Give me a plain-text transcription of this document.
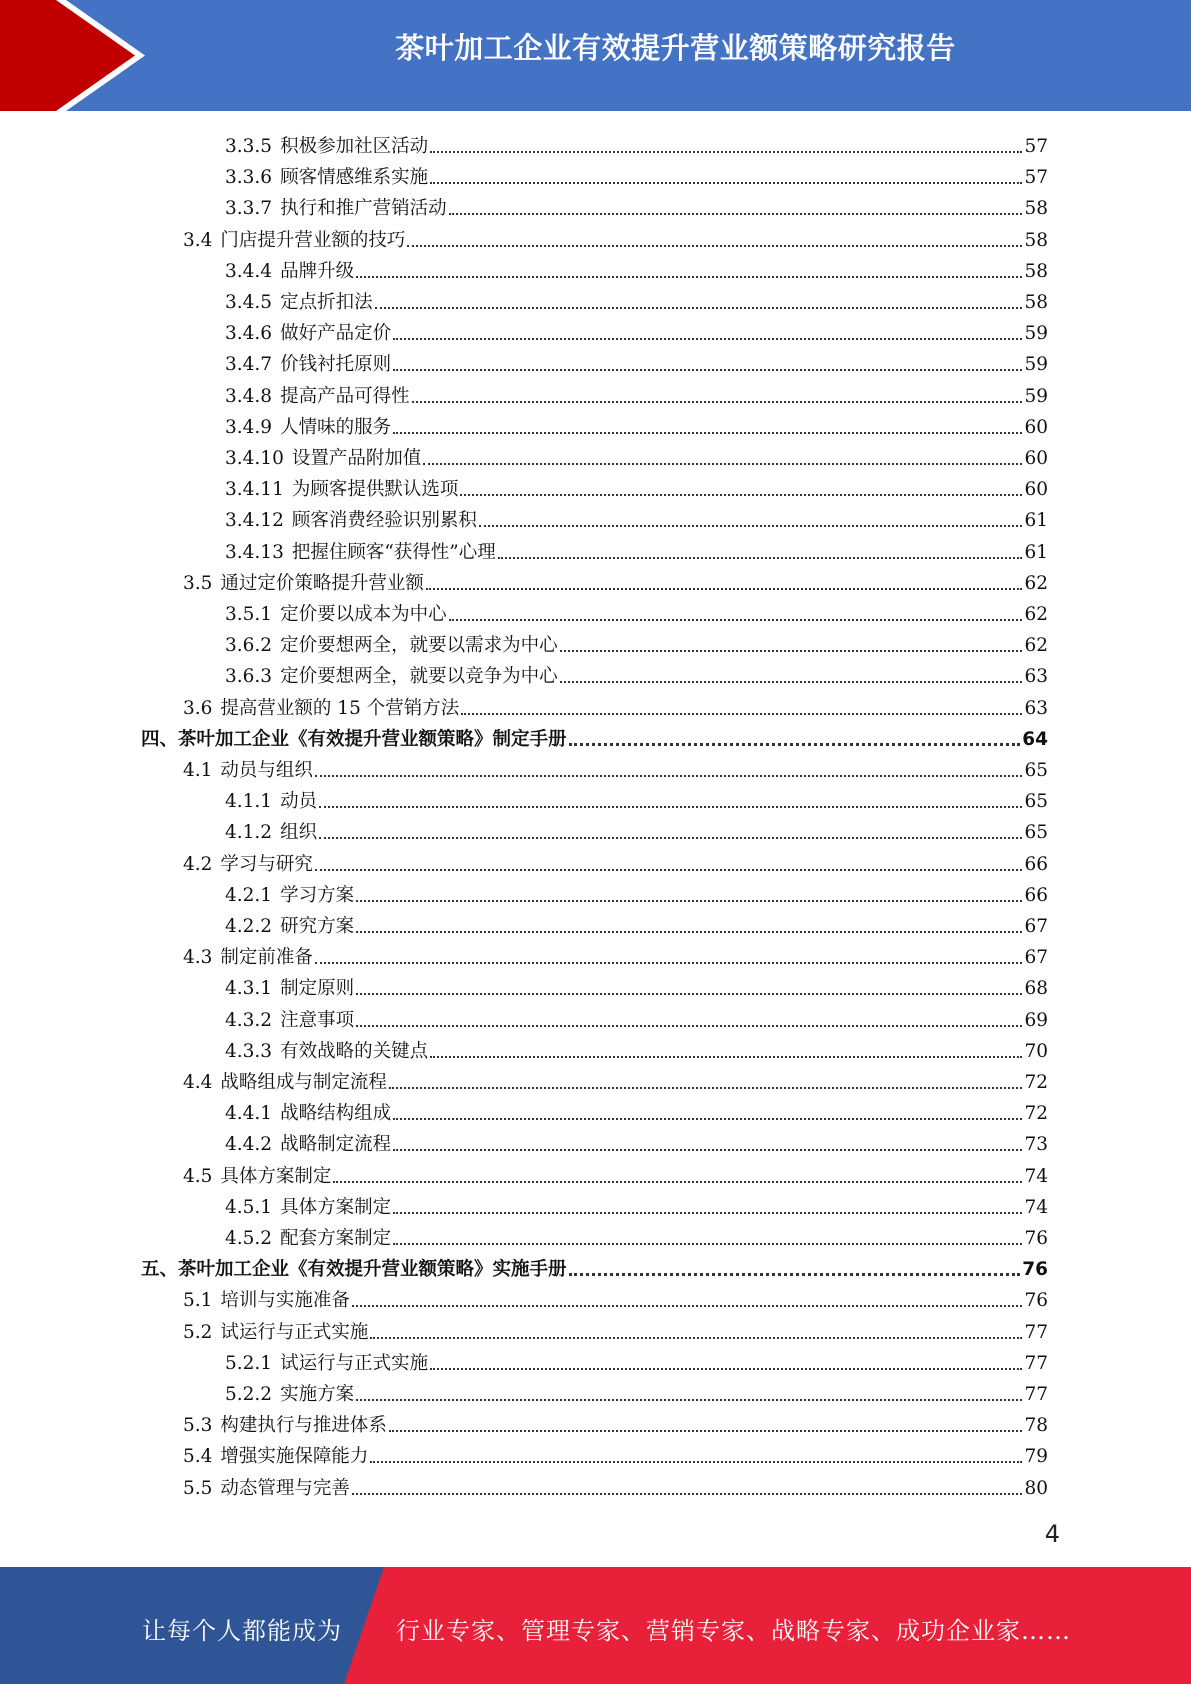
茶叶加工企业有效提升营业额策略研究报告
3.3.5 积极参加社区活动	57
3.3.6 顾客情感维系实施	57
3.3.7 执行和推广营销活动	58
3.4 门店提升营业额的技巧	58
3.4.4 品牌升级	58
3.4.5 定点折扣法	58
3.4.6 做好产品定价	59
3.4.7 价钱衬托原则	59
3.4.8 提高产品可得性	59
3.4.9 人情味的服务	60
3.4.10 设置产品附加值	60
3.4.11 为顾客提供默认选项	60
3.4.12 顾客消费经验识别累积	61
3.4.13 把握住顾客“获得性”心理	61
3.5 通过定价策略提升营业额	62
3.5.1 定价要以成本为中心	62
3.6.2 定价要想两全，就要以需求为中心	62
3.6.3 定价要想两全，就要以竞争为中心	63
3.6 提高营业额的 15 个营销方法	63
四、 茶叶加工企业《有效提升营业额策略》制定手册	64
4.1 动员与组织	65
4.1.1 动员	65
4.1.2 组织	65
4.2 学习与研究	66
4.2.1 学习方案	66
4.2.2 研究方案	67
4.3 制定前准备	67
4.3.1 制定原则	68
4.3.2 注意事项	69
4.3.3 有效战略的关键点	70
4.4 战略组成与制定流程	72
4.4.1 战略结构组成	72
4.4.2 战略制定流程	73
4.5 具体方案制定	74
4.5.1 具体方案制定	74
4.5.2 配套方案制定	76
五、 茶叶加工企业《有效提升营业额策略》实施手册	76
5.1 培训与实施准备	76
5.2 试运行与正式实施	77
5.2.1 试运行与正式实施	77
5.2.2 实施方案	77
5.3 构建执行与推进体系	78
5.4 增强实施保障能力	79
5.5 动态管理与完善	80
4
让每个人都能成为 行业专家、管理专家、营销专家、战略专家、成功企业家……
